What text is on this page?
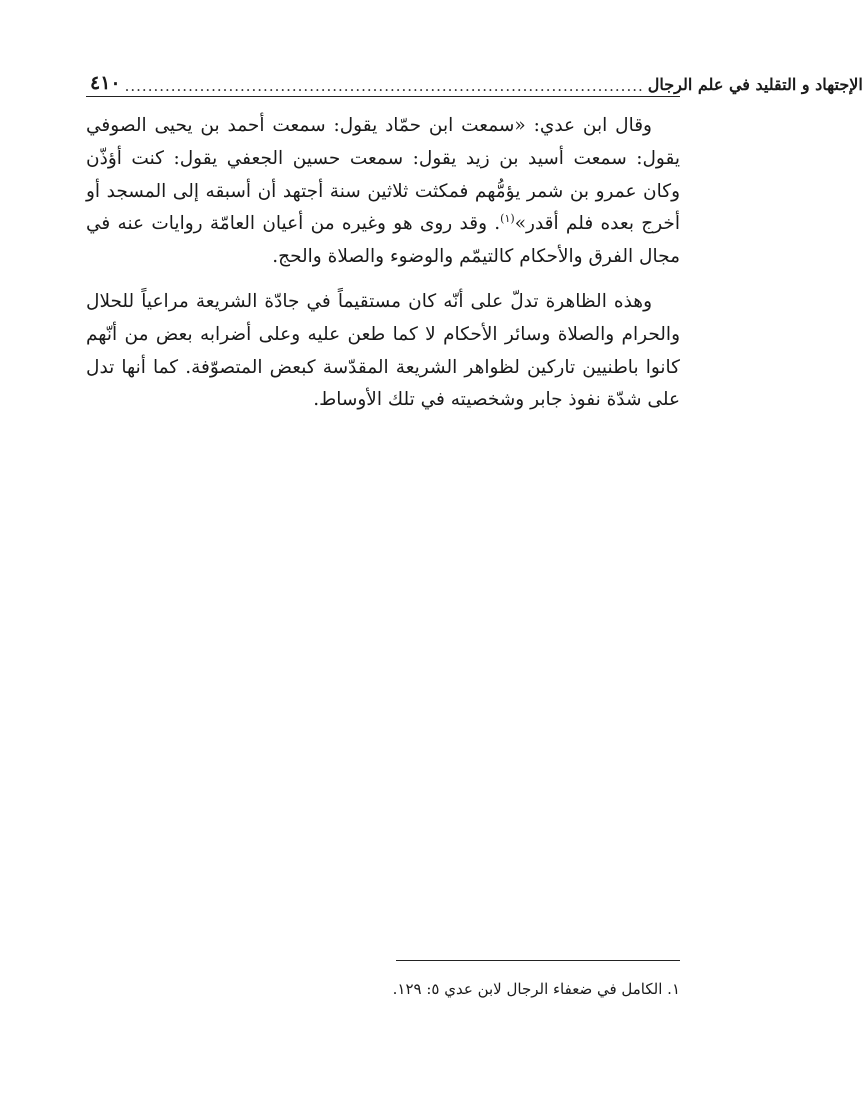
٤١٠ .......................................................................................... الإجتهاد و التقليد في علم الرجال

وقال ابن عدي: «سمعت ابن حمّاد يقول: سمعت أحمد بن يحيى الصوفي يقول: سمعت أسيد بن زيد يقول: سمعت حسين الجعفي يقول: كنت أؤذّن وكان عمرو بن شمر يؤمُّهم فمكثت ثلاثين سنة أجتهد أن أسبقه إلى المسجد أو أخرج بعده فلم أقدر»$^{(١)}$. وقد روى هو وغيره من أعيان العامّة روايات عنه في مجال الفرق والأحكام كالتيمّم والوضوء والصلاة والحج.

وهذه الظاهرة تدلّ على أنّه كان مستقيماً في جادّة الشريعة مراعياً للحلال والحرام والصلاة وسائر الأحكام لا كما طعن عليه وعلى أضرابه بعض من أنّهم كانوا باطنيين تاركين لظواهر الشريعة المقدّسة كبعض المتصوّفة. كما أنها تدل على شدّة نفوذ جابر وشخصيته في تلك الأوساط.

١. الكامل في ضعفاء الرجال لابن عدي ٥: ١٢٩.
